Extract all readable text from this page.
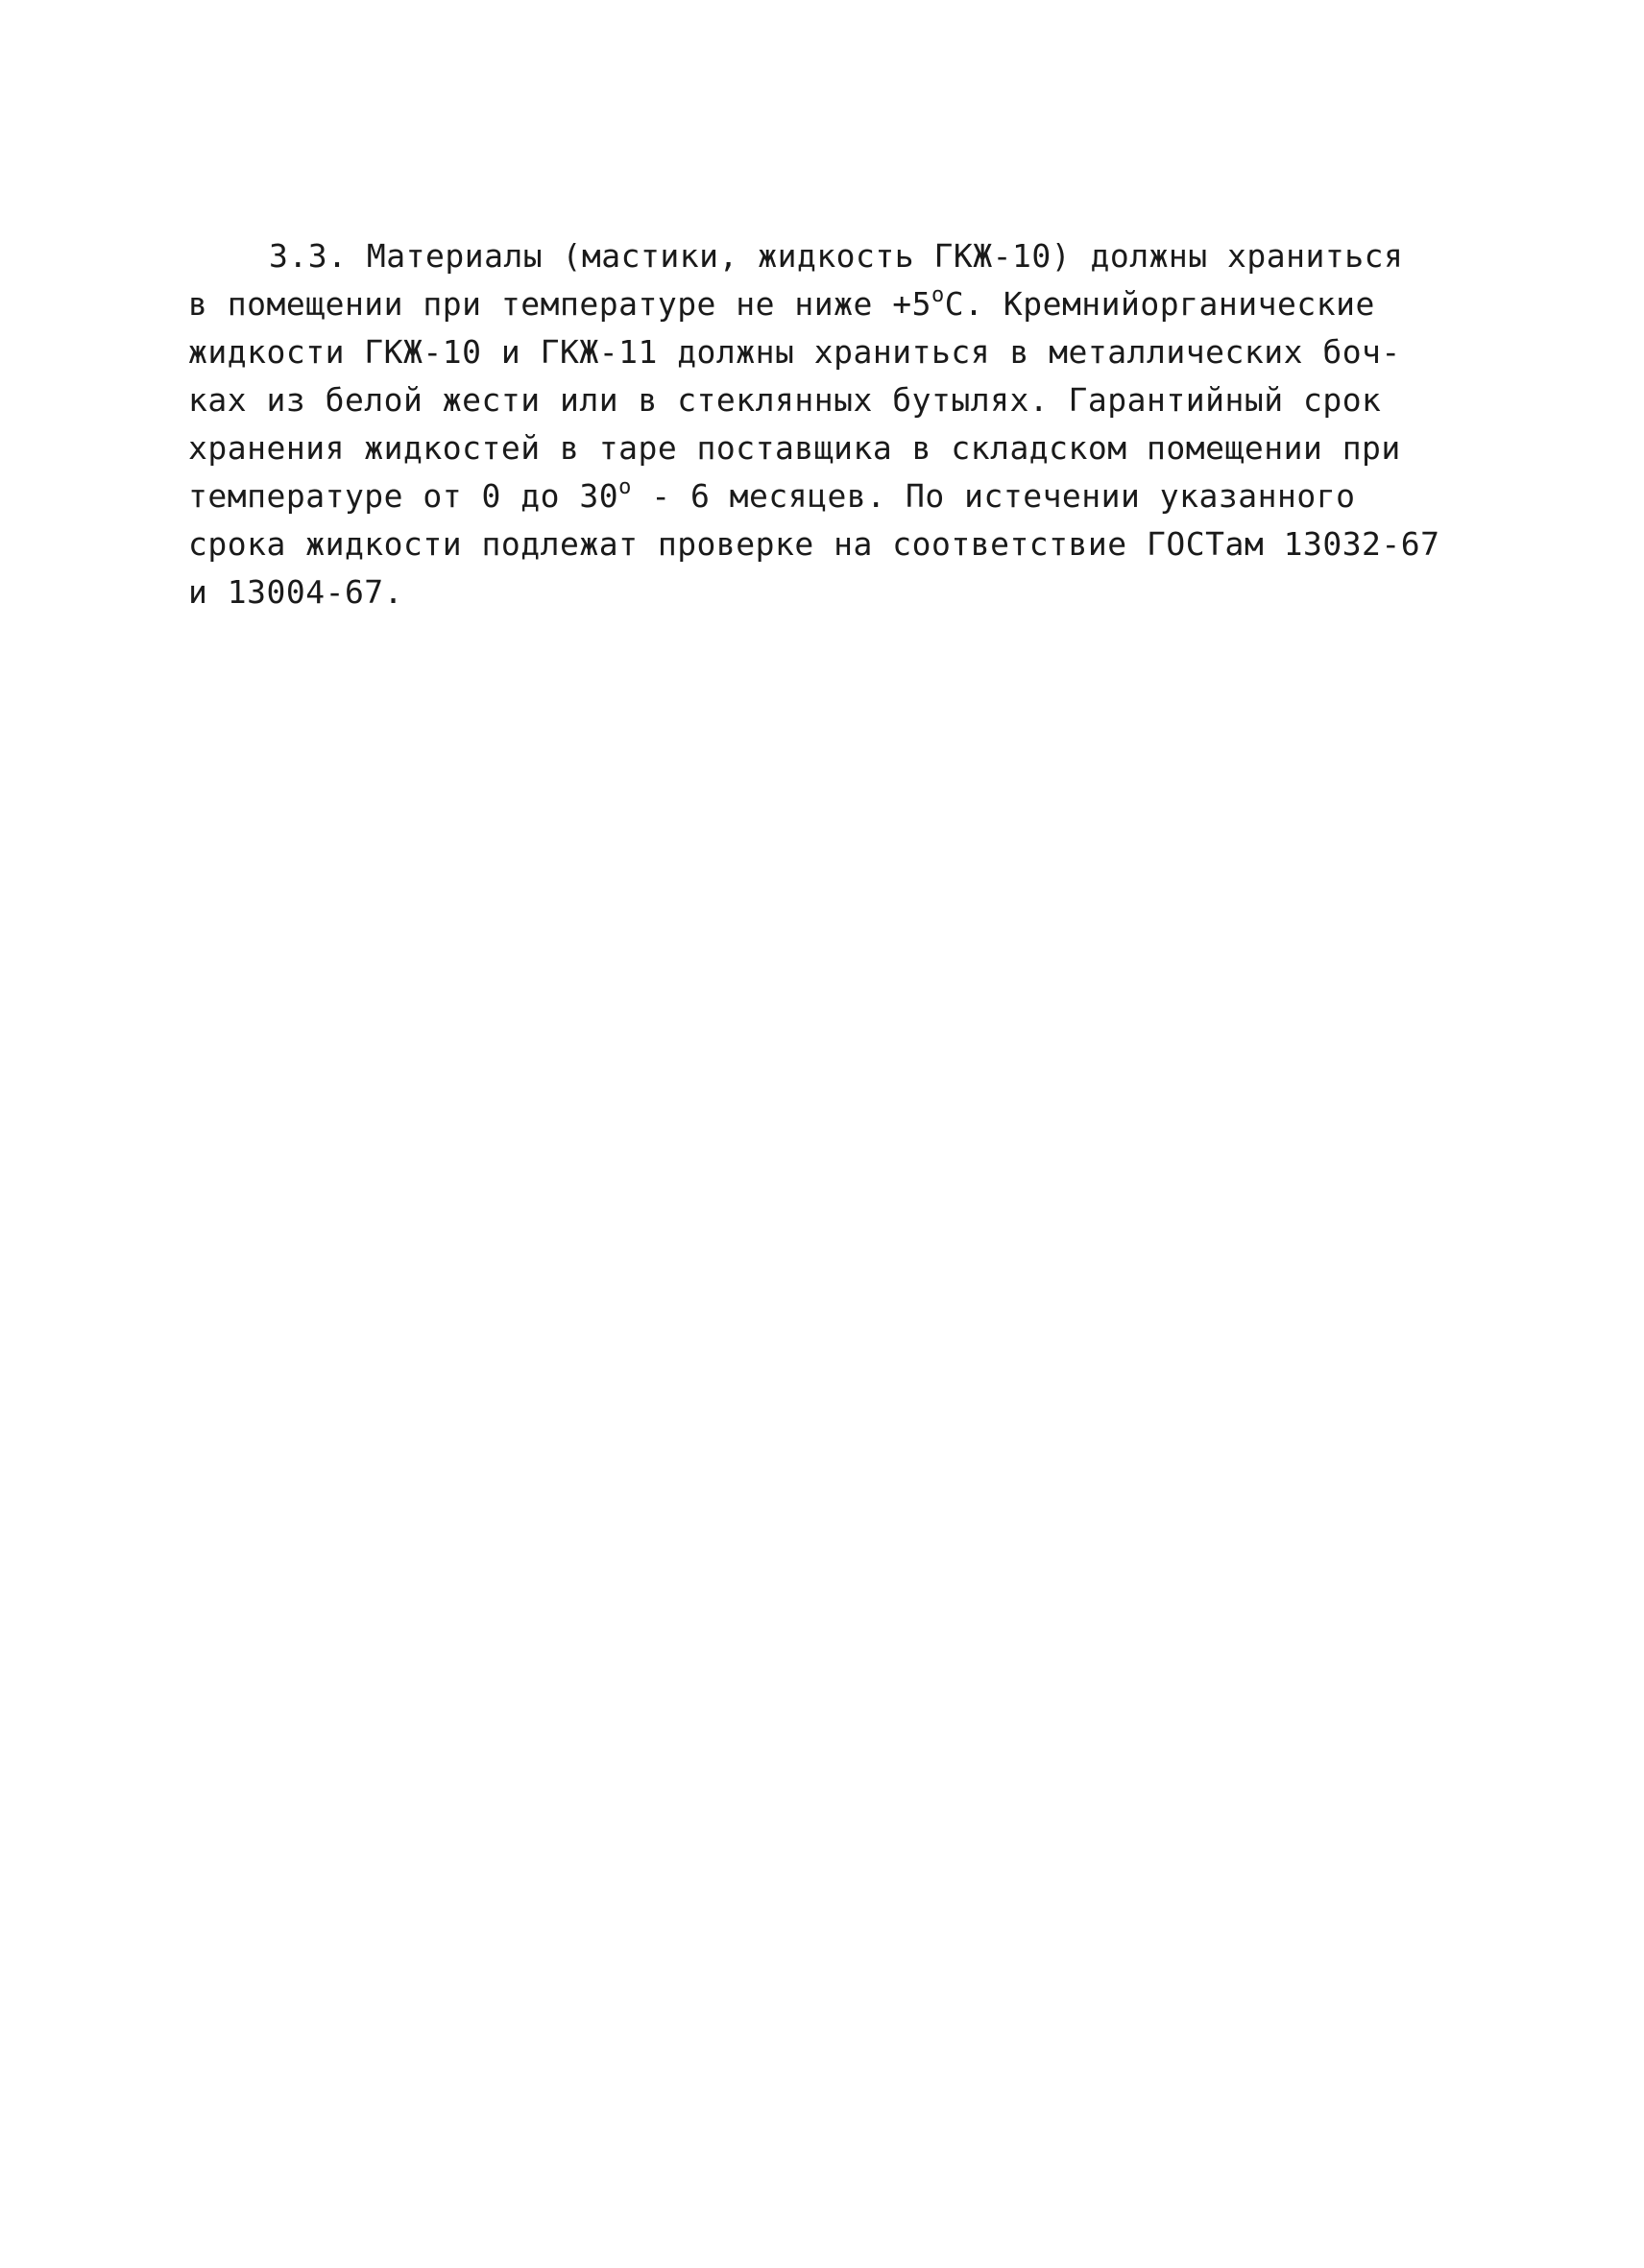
3.3. Материалы (мастики, жидкость ГКЖ-10) должны храниться
в помещении при температуре не ниже $+5^oС$. Кремнийорганические
жидкости ГКЖ-10 и ГКЖ-11 должны храниться в металлических боч-
ках из белой жести или в стеклянных бутылях. Гарантийный срок
хранения жидкостей в таре поставщика в складском помещении при
температуре от 0 до 30$^o$ - 6 месяцев. По истечении указанного
срока жидкости подлежат проверке на соответствие ГОСТам 13032-67
и 13004-67.
